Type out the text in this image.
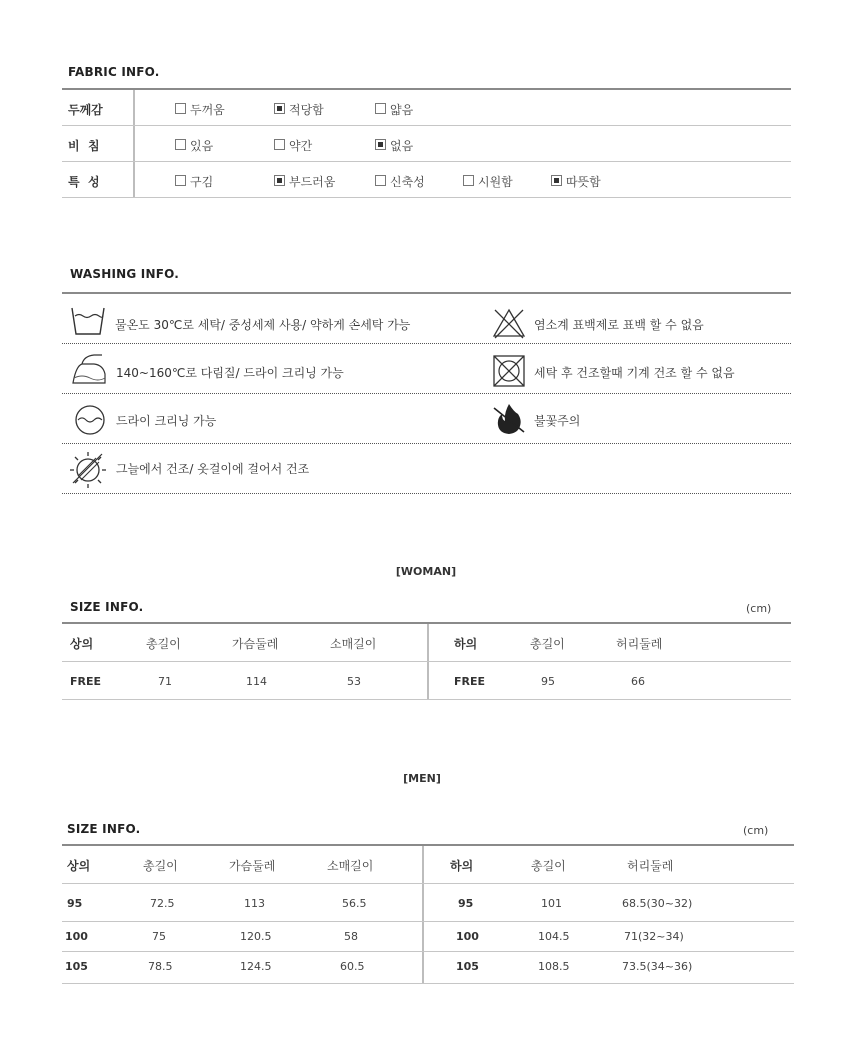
FABRIC INFO.
두께감	두꺼움	적당함	얇음
비  침	있음	약간	없음
특  성	구김	부드러움	신축성	시원함	따뜻함
WASHING INFO.
물온도 30℃로 세탁/ 중성세제 사용/ 약하게 손세탁 가능	염소계 표백제로 표백 할 수 없음
140~160℃로 다림질/ 드라이 크리닝 가능	세탁 후 건조할때 기계 건조 할 수 없음
드라이 크리닝 가능	불꽃주의
그늘에서 건조/ 옷걸이에 걸어서 건조
[WOMAN]
SIZE INFO.	(cm)
상의	총길이	가슴둘레	소매길이	하의	총길이	허리둘레
FREE	71	114	53	FREE	95	66
[MEN]
SIZE INFO.	(cm)
상의	총길이	가슴둘레	소매길이	하의	총길이	허리둘레
95	72.5	113	56.5	95	101	68.5(30~32)
100	75	120.5	58	100	104.5	71(32~34)
105	78.5	124.5	60.5	105	108.5	73.5(34~36)
